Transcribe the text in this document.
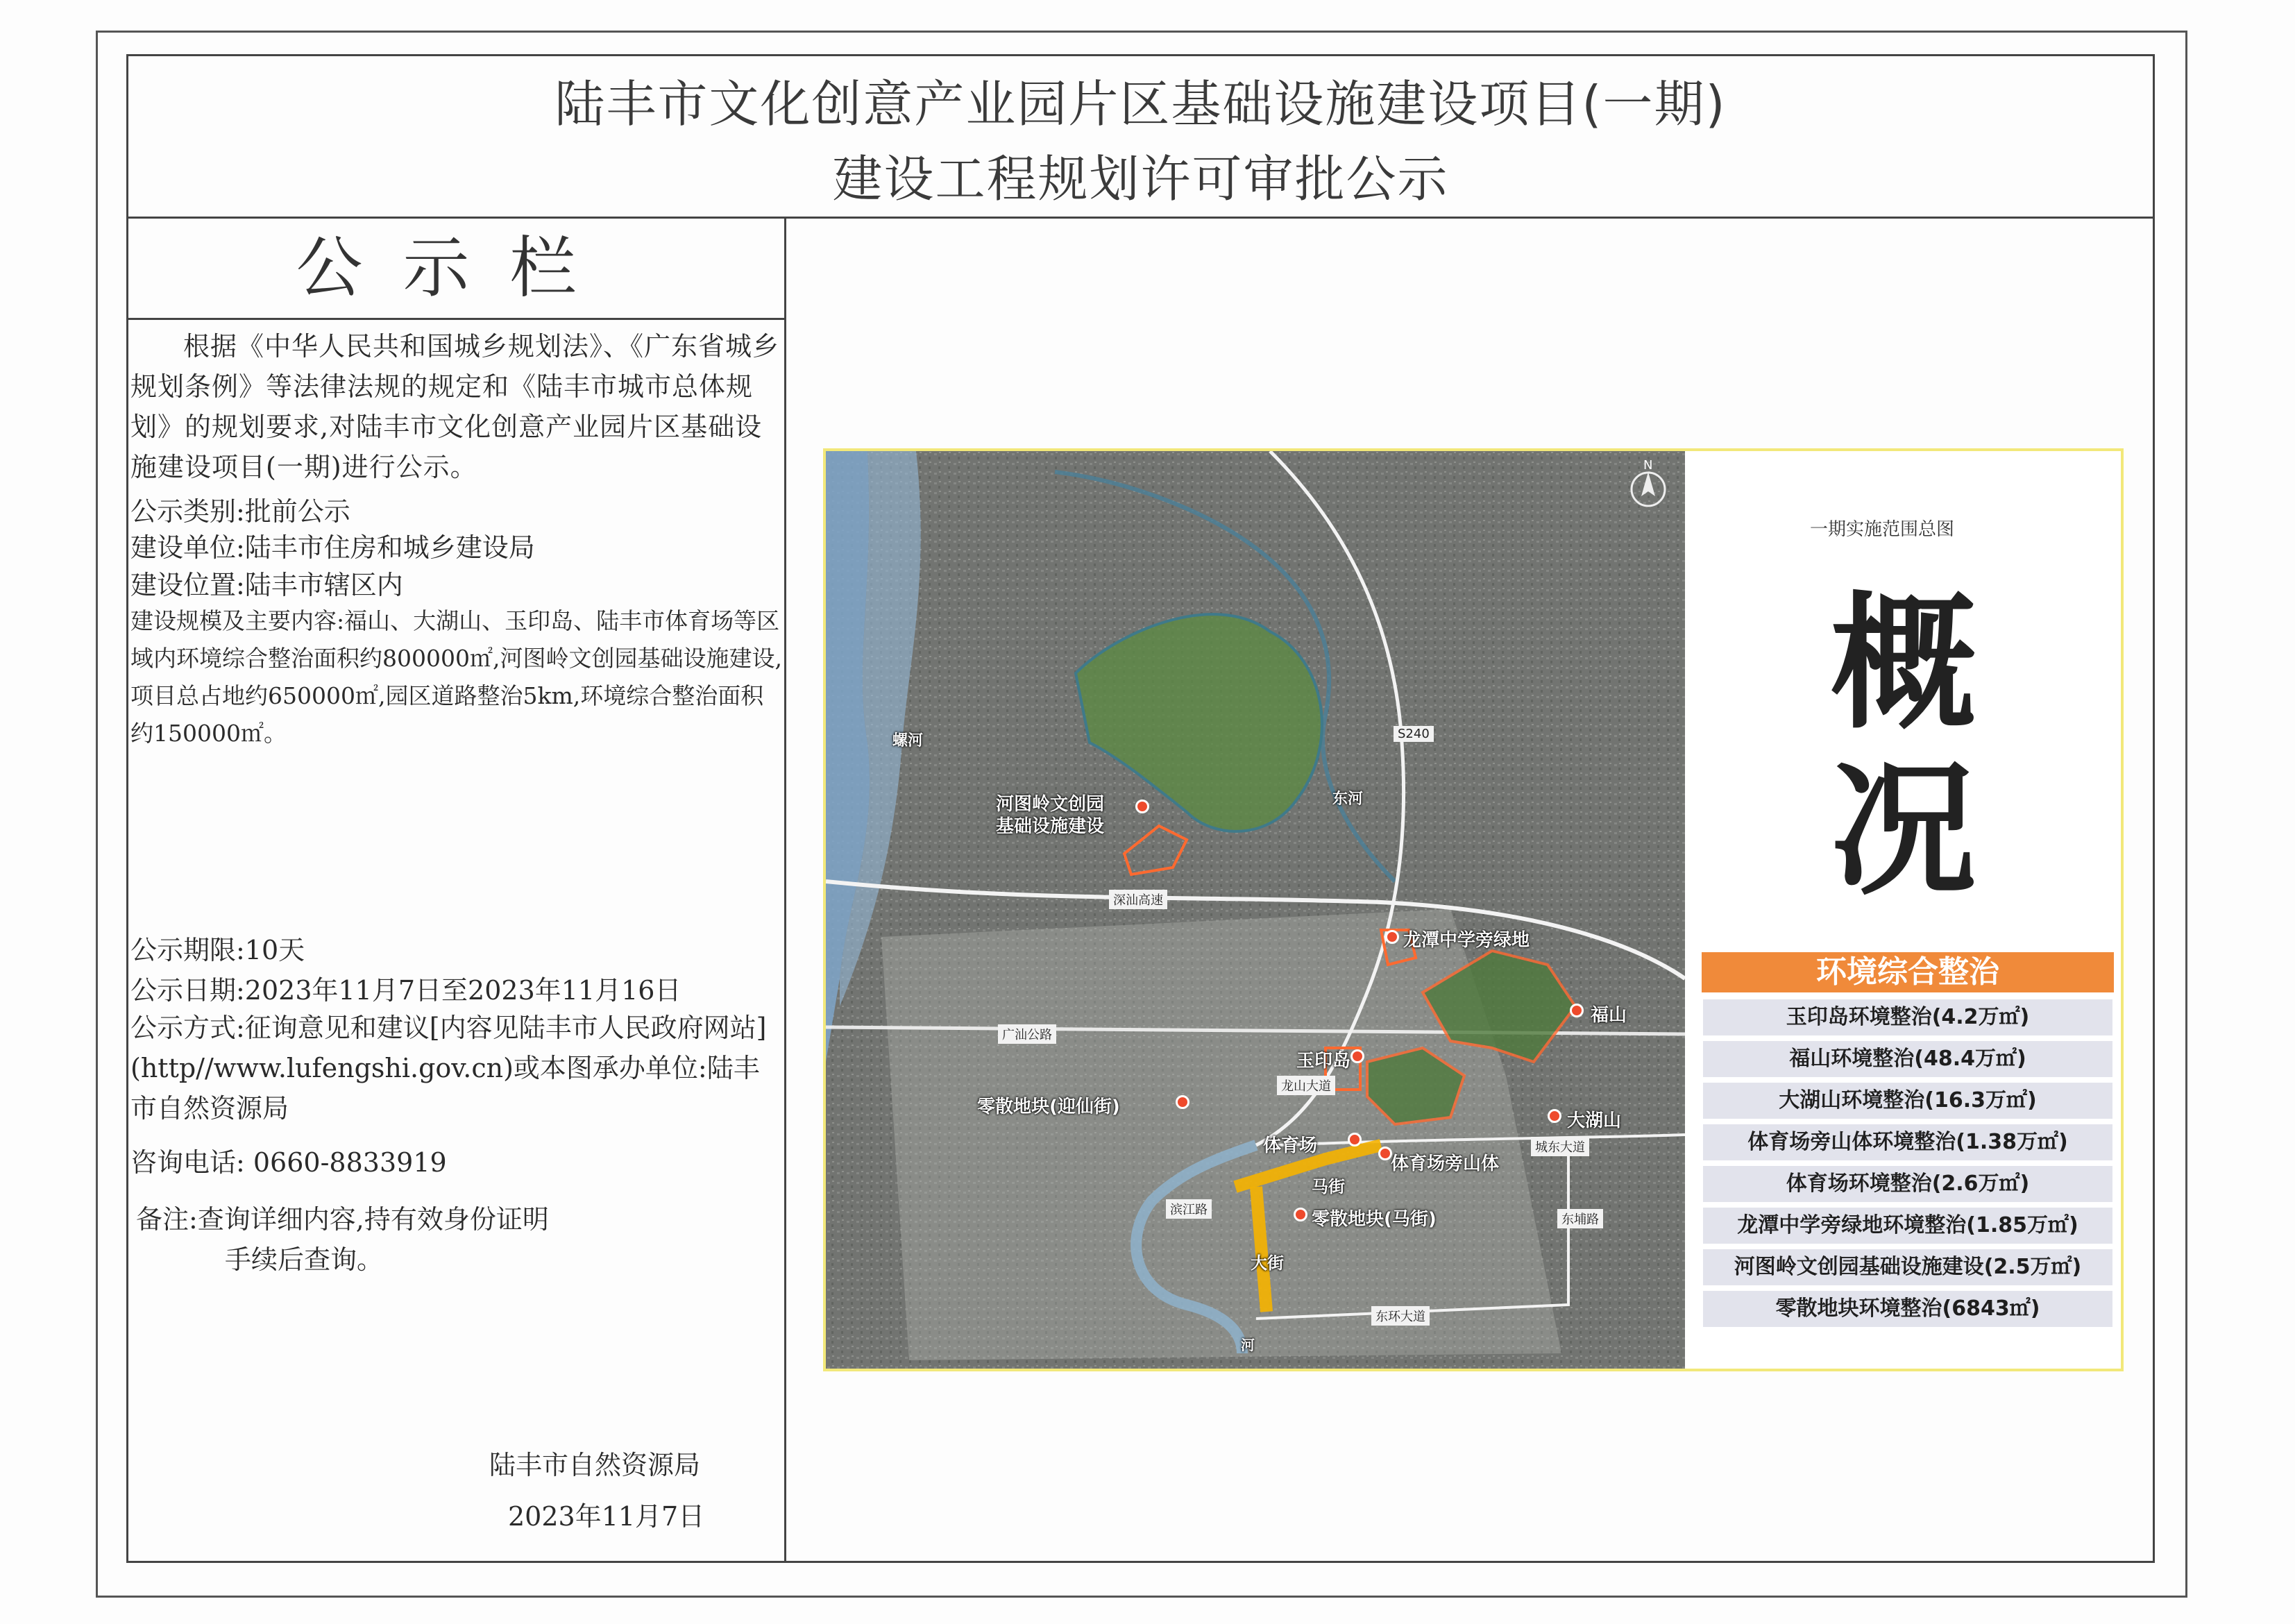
陆丰市文化创意产业园片区基础设施建设项目(一期)
建设工程规划许可审批公示
公示栏
根据《中华人民共和国城乡规划法》、《广东省城乡规划条例》等法律法规的规定和《陆丰市城市总体规划》的规划要求,对陆丰市文化创意产业园片区基础设施建设项目(一期)进行公示。
公示类别:批前公示
建设单位:陆丰市住房和城乡建设局
建设位置:陆丰市辖区内
建设规模及主要内容:福山、大湖山、玉印岛、陆丰市体育场等区域内环境综合整治面积约800000㎡,河图岭文创园基础设施建设,项目总占地约650000㎡,园区道路整治5km,环境综合整治面积约150000㎡。
公示期限:10天
公示日期:2023年11月7日至2023年11月16日
公示方式:征询意见和建议[内容见陆丰市人民政府网站](http//www.lufengshi.gov.cn)或本图承办单位:陆丰市自然资源局
咨询电话: 0660-8833919
备注:查询详细内容,持有效身份证明
手续后查询。
陆丰市自然资源局
2023年11月7日
N
一期实施范围总图
概
况
环境综合整治
玉印岛环境整治(4.2万㎡)
福山环境整治(48.4万㎡)
大湖山环境整治(16.3万㎡)
体育场旁山体环境整治(1.38万㎡)
体育场环境整治(2.6万㎡)
龙潭中学旁绿地环境整治(1.85万㎡)
河图岭文创园基础设施建设(2.5万㎡)
零散地块环境整治(6843㎡)
河图岭文创园
基础设施建设
龙潭中学旁绿地
福山
玉印岛
零散地块(迎仙街)
体育场
体育场旁山体
大湖山
零散地块(马街)
马街
大街
S240
深汕高速
广汕公路
城东大道
东埔路
东环大道
龙山大道
滨江路
螺河
东河
河
